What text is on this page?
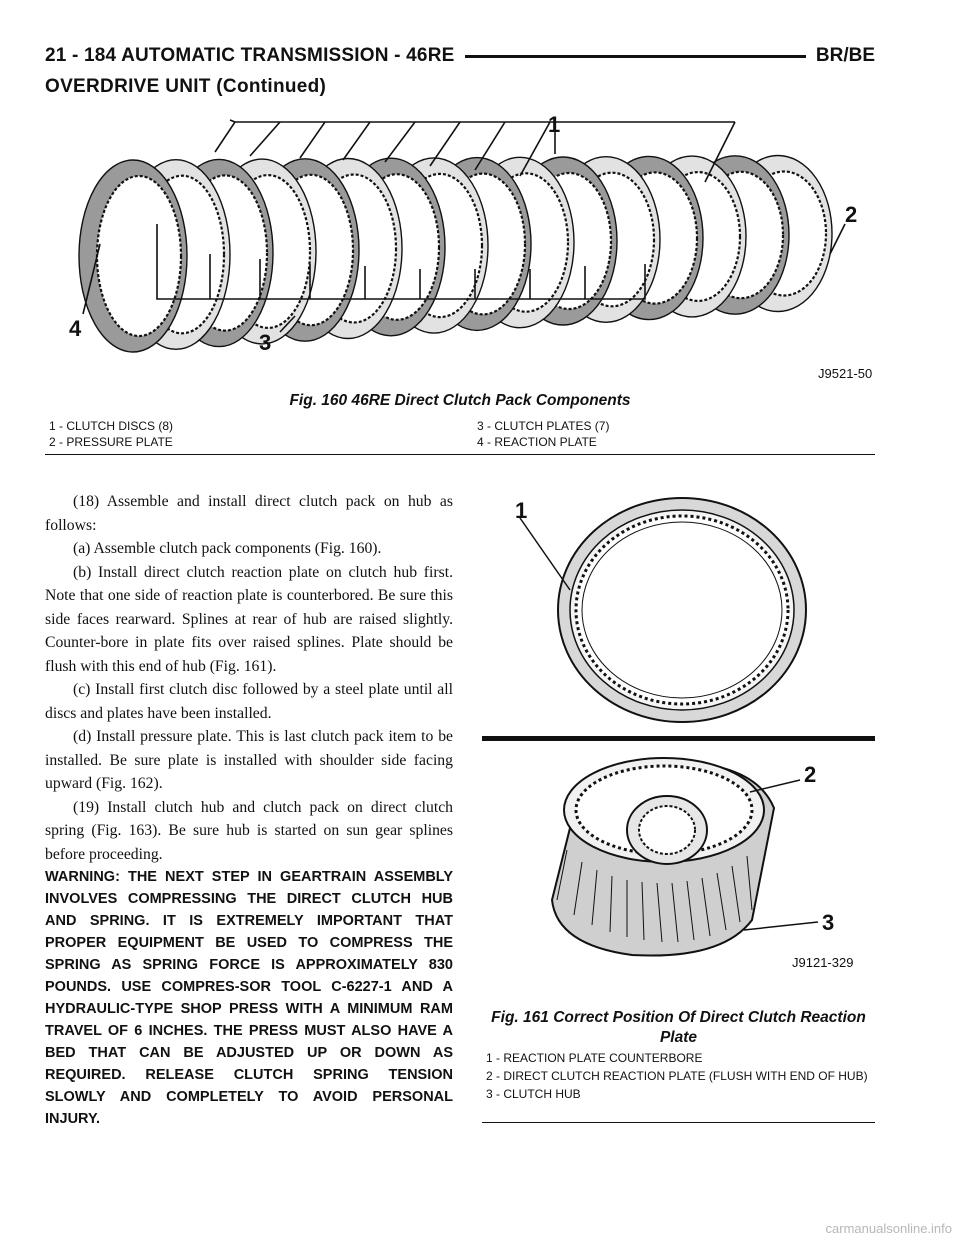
21 - 184 AUTOMATIC TRANSMISSION - 46RE	BR/BE
OVERDRIVE UNIT (Continued)
1
2
3
4
J9521-50
Fig. 160 46RE Direct Clutch Pack Components
1 - CLUTCH DISCS (8)
2 - PRESSURE PLATE
3 - CLUTCH PLATES (7)
4 - REACTION PLATE

(18) Assemble and install direct clutch pack on hub as follows:

(a) Assemble clutch pack components (Fig. 160).

(b) Install direct clutch reaction plate on clutch hub first. Note that one side of reaction plate is counterbored. Be sure this side faces rearward. Splines at rear of hub are raised slightly. Counter-bore in plate fits over raised splines. Plate should be flush with this end of hub (Fig. 161).

(c) Install first clutch disc followed by a steel plate until all discs and plates have been installed.

(d) Install pressure plate. This is last clutch pack item to be installed. Be sure plate is installed with shoulder side facing upward (Fig. 162).

(19) Install clutch hub and clutch pack on direct clutch spring (Fig. 163). Be sure hub is started on sun gear splines before proceeding.

WARNING: THE NEXT STEP IN GEARTRAIN ASSEMBLY INVOLVES COMPRESSING THE DIRECT CLUTCH HUB AND SPRING. IT IS EXTREMELY IMPORTANT THAT PROPER EQUIPMENT BE USED TO COMPRESS THE SPRING AS SPRING FORCE IS APPROXIMATELY 830 POUNDS. USE COMPRES-SOR TOOL C-6227-1 AND A HYDRAULIC-TYPE SHOP PRESS WITH A MINIMUM RAM TRAVEL OF 6 INCHES. THE PRESS MUST ALSO HAVE A BED THAT CAN BE ADJUSTED UP OR DOWN AS REQUIRED. RELEASE CLUTCH SPRING TENSION SLOWLY AND COMPLETELY TO AVOID PERSONAL INJURY.

1
2
3
J9121-329
Fig. 161 Correct Position Of Direct Clutch Reaction Plate
1 - REACTION PLATE COUNTERBORE
2 - DIRECT CLUTCH REACTION PLATE (FLUSH WITH END OF HUB)
3 - CLUTCH HUB
carmanualsonline.info
